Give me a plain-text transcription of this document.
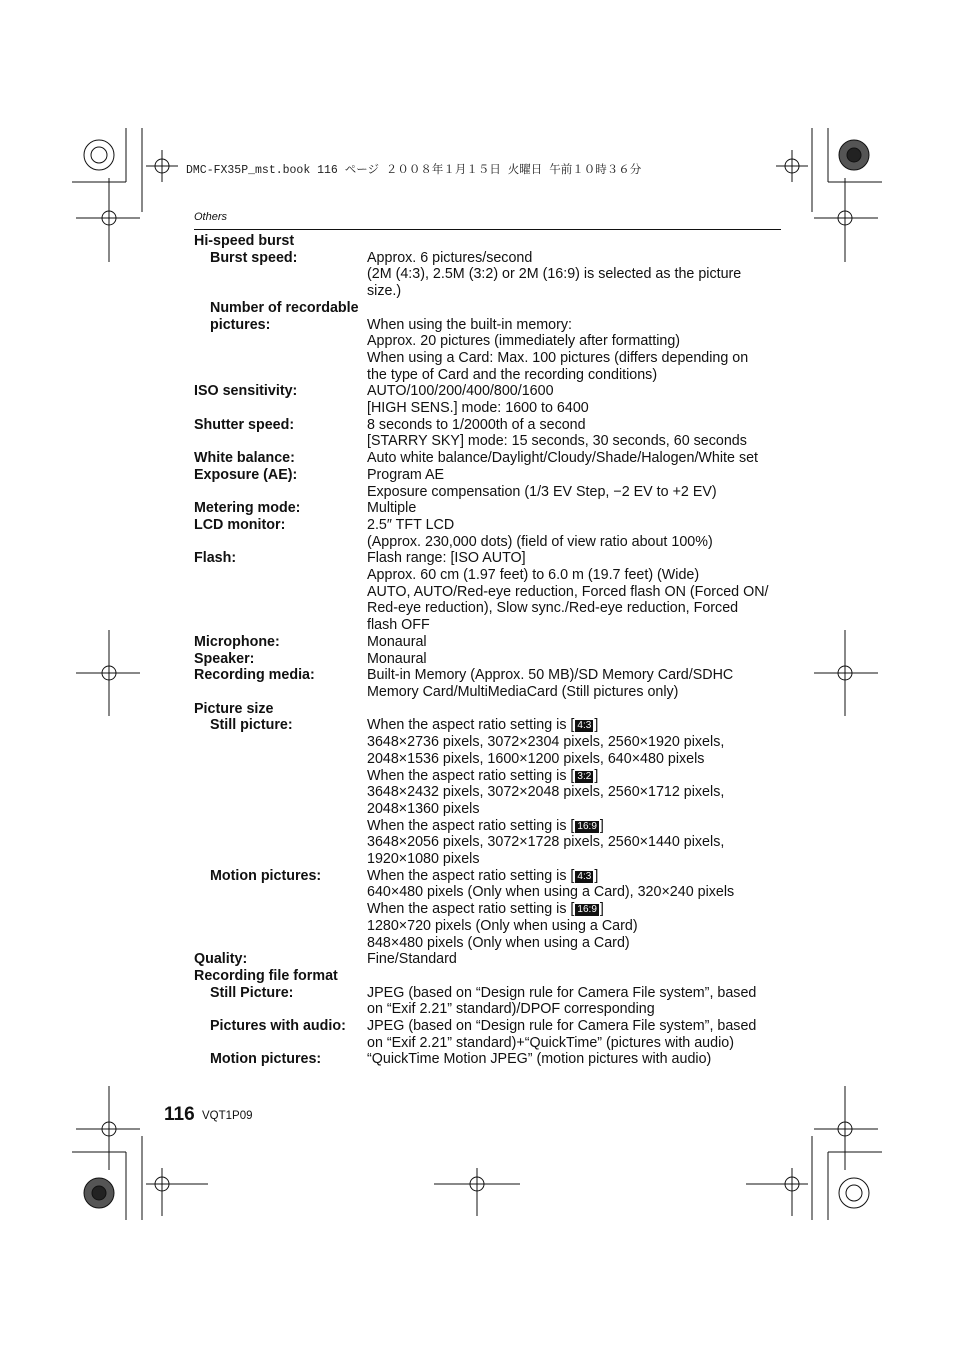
DMC-FX35P_mst.book 116 ページ ２００８年１月１５日 火曜日 午前１０時３６分
Others
Hi-speed burst
Burst speed:	Approx. 6 pictures/second
(2M (4:3), 2.5M (3:2) or 2M (16:9) is selected as the picture
size.)
Number of recordable
pictures:	When using the built-in memory:
Approx. 20 pictures (immediately after formatting)
When using a Card: Max. 100 pictures (differs depending on
the type of Card and the recording conditions)
ISO sensitivity:	AUTO/100/200/400/800/1600
[HIGH SENS.] mode: 1600 to 6400
Shutter speed:	8 seconds to 1/2000th of a second
[STARRY SKY] mode: 15 seconds, 30 seconds, 60 seconds
White balance:	Auto white balance/Daylight/Cloudy/Shade/Halogen/White set
Exposure (AE):	Program AE
Exposure compensation (1/3 EV Step, −2 EV to +2 EV)
Metering mode:	Multiple
LCD monitor:	2.5″ TFT LCD
(Approx. 230,000 dots) (field of view ratio about 100%)
Flash:	Flash range: [ISO AUTO]
Approx. 60 cm (1.97 feet) to 6.0 m (19.7 feet) (Wide)
AUTO, AUTO/Red-eye reduction, Forced flash ON (Forced ON/
Red-eye reduction), Slow sync./Red-eye reduction, Forced
flash OFF
Microphone:	Monaural
Speaker:	Monaural
Recording media:	Built-in Memory (Approx. 50 MB)/SD Memory Card/SDHC
Memory Card/MultiMediaCard (Still pictures only)
Picture size
Still picture:	When the aspect ratio setting is [ 4:3 ]
3648×2736 pixels, 3072×2304 pixels, 2560×1920 pixels,
2048×1536 pixels, 1600×1200 pixels, 640×480 pixels
When the aspect ratio setting is [ 3:2 ]
3648×2432 pixels, 3072×2048 pixels, 2560×1712 pixels,
2048×1360 pixels
When the aspect ratio setting is [ 16:9 ]
3648×2056 pixels, 3072×1728 pixels, 2560×1440 pixels,
1920×1080 pixels
Motion pictures:	When the aspect ratio setting is [ 4:3 ]
640×480 pixels (Only when using a Card), 320×240 pixels
When the aspect ratio setting is [ 16:9 ]
1280×720 pixels (Only when using a Card)
848×480 pixels (Only when using a Card)
Quality:	Fine/Standard
Recording file format
Still Picture:	JPEG (based on “Design rule for Camera File system”, based
on “Exif 2.21” standard)/DPOF corresponding
Pictures with audio:	JPEG (based on “Design rule for Camera File system”, based
on “Exif 2.21” standard)+“QuickTime” (pictures with audio)
Motion pictures:	“QuickTime Motion JPEG” (motion pictures with audio)
116 VQT1P09
